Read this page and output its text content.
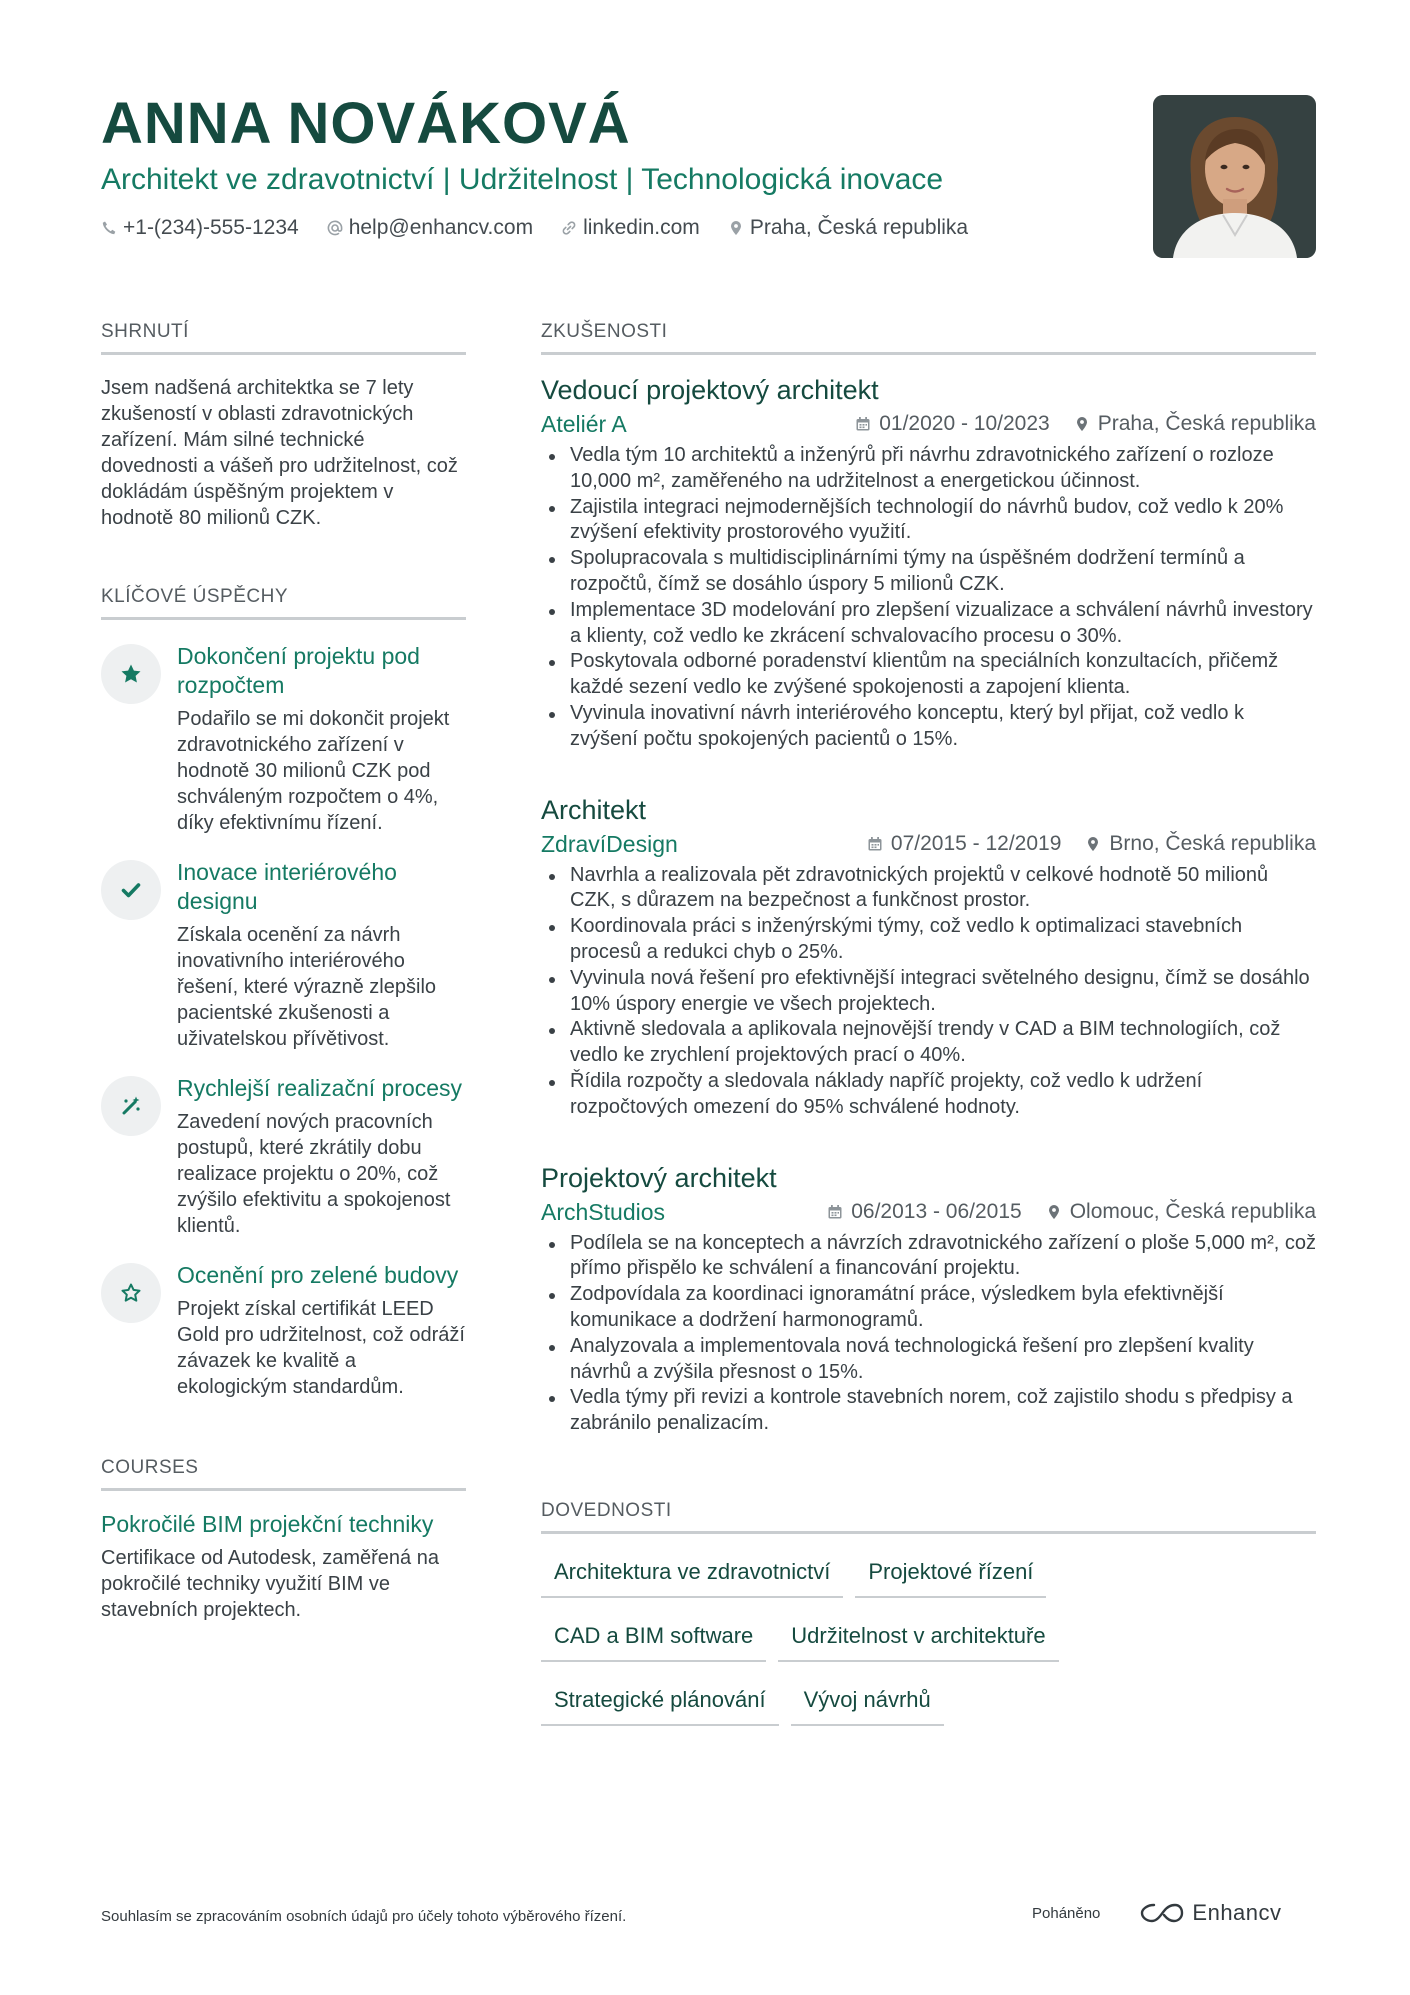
ANNA NOVÁKOVÁ
Architekt ve zdravotnictví | Udržitelnost | Technologická inovace
+1-(234)-555-1234 help@enhancv.com linkedin.com Praha, Česká republika
SHRNUTÍ
Jsem nadšená architektka se 7 lety zkušeností v oblasti zdravotnických zařízení. Mám silné technické dovednosti a vášeň pro udržitelnost, což dokládám úspěšným projektem v hodnotě 80 milionů CZK.
KLÍČOVÉ ÚSPĚCHY
Dokončení projektu pod rozpočtem
Podařilo se mi dokončit projekt zdravotnického zařízení v hodnotě 30 milionů CZK pod schváleným rozpočtem o 4%, díky efektivnímu řízení.
Inovace interiérového designu
Získala ocenění za návrh inovativního interiérového řešení, které výrazně zlepšilo pacientské zkušenosti a uživatelskou přívětivost.
Rychlejší realizační procesy
Zavedení nových pracovních postupů, které zkrátily dobu realizace projektu o 20%, což zvýšilo efektivitu a spokojenost klientů.
Ocenění pro zelené budovy
Projekt získal certifikát LEED Gold pro udržitelnost, což odráží závazek ke kvalitě a ekologickým standardům.
COURSES
Pokročilé BIM projekční techniky
Certifikace od Autodesk, zaměřená na pokročilé techniky využití BIM ve stavebních projektech.
ZKUŠENOSTI
Vedoucí projektový architekt
Ateliér A	01/2020 - 10/2023 Praha, Česká republika
Vedla tým 10 architektů a inženýrů při návrhu zdravotnického zařízení o rozloze 10,000 m², zaměřeného na udržitelnost a energetickou účinnost.
Zajistila integraci nejmodernějších technologií do návrhů budov, což vedlo k 20% zvýšení efektivity prostorového využití.
Spolupracovala s multidisciplinárními týmy na úspěšném dodržení termínů a rozpočtů, čímž se dosáhlo úspory 5 milionů CZK.
Implementace 3D modelování pro zlepšení vizualizace a schválení návrhů investory a klienty, což vedlo ke zkrácení schvalovacího procesu o 30%.
Poskytovala odborné poradenství klientům na speciálních konzultacích, přičemž každé sezení vedlo ke zvýšené spokojenosti a zapojení klienta.
Vyvinula inovativní návrh interiérového konceptu, který byl přijat, což vedlo k zvýšení počtu spokojených pacientů o 15%.
Architekt
ZdravíDesign	07/2015 - 12/2019 Brno, Česká republika
Navrhla a realizovala pět zdravotnických projektů v celkové hodnotě 50 milionů CZK, s důrazem na bezpečnost a funkčnost prostor.
Koordinovala práci s inženýrskými týmy, což vedlo k optimalizaci stavebních procesů a redukci chyb o 25%.
Vyvinula nová řešení pro efektivnější integraci světelného designu, čímž se dosáhlo 10% úspory energie ve všech projektech.
Aktivně sledovala a aplikovala nejnovější trendy v CAD a BIM technologiích, což vedlo ke zrychlení projektových prací o 40%.
Řídila rozpočty a sledovala náklady napříč projekty, což vedlo k udržení rozpočtových omezení do 95% schválené hodnoty.
Projektový architekt
ArchStudios	06/2013 - 06/2015 Olomouc, Česká republika
Podílela se na konceptech a návrzích zdravotnického zařízení o ploše 5,000 m², což přímo přispělo ke schválení a financování projektu.
Zodpovídala za koordinaci ignoramátní práce, výsledkem byla efektivnější komunikace a dodržení harmonogramů.
Analyzovala a implementovala nová technologická řešení pro zlepšení kvality návrhů a zvýšila přesnost o 15%.
Vedla týmy při revizi a kontrole stavebních norem, což zajistilo shodu s předpisy a zabránilo penalizacím.
DOVEDNOSTI
Architektura ve zdravotnictví	Projektové řízení
CAD a BIM software	Udržitelnost v architektuře
Strategické plánování	Vývoj návrhů
Souhlasím se zpracováním osobních údajů pro účely tohoto výběrového řízení.	Poháněno	Enhancv
